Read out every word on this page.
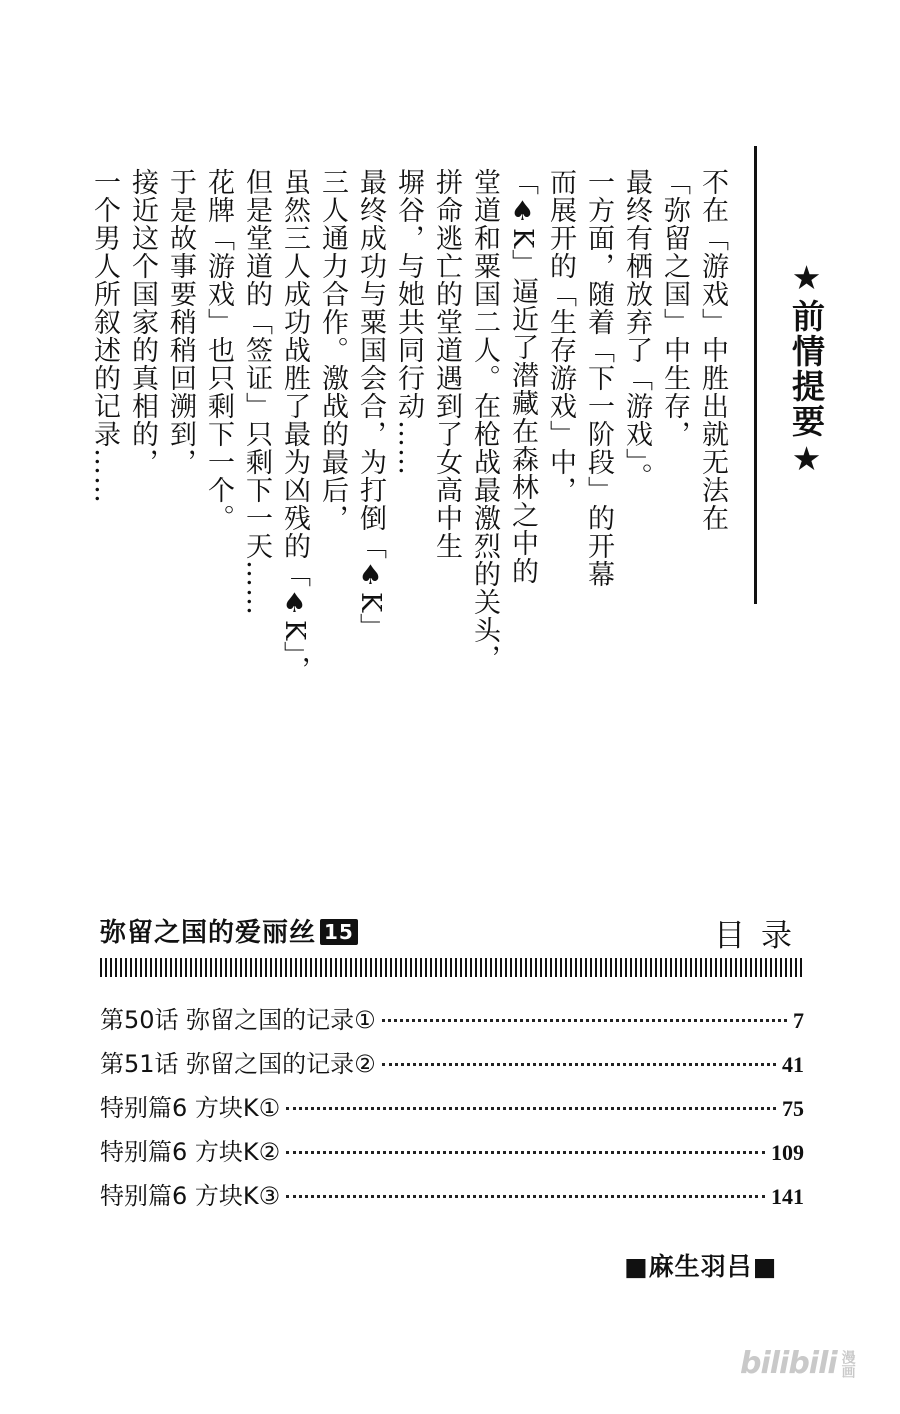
★前情提要★
不在「游戏」中胜出就无法在
「弥留之国」中生存，
最终有栖放弃了「游戏」。
一方面，随着「下一阶段」的开幕
而展开的「生存游戏」中，
「♠K」逼近了潜藏在森林之中的
堂道和粟国二人。在枪战最激烈的关头，
拼命逃亡的堂道遇到了女高中生
塀谷，与她共同行动……
最终成功与粟国会合，为打倒「♠K」
三人通力合作。激战的最后，
虽然三人成功战胜了最为凶残的「♠K」，
但是堂道的「签证」只剩下一天……
花牌「游戏」也只剩下一个。
于是故事要稍稍回溯到，
接近这个国家的真相的，
一个男人所叙述的记录……
弥留之国的爱丽丝 15	目录
第50话 弥留之国的记录①	7
第51话 弥留之国的记录②	41
特别篇6 方块K①	75
特别篇6 方块K②	109
特别篇6 方块K③	141
■麻生羽吕■
bilibili 漫画
